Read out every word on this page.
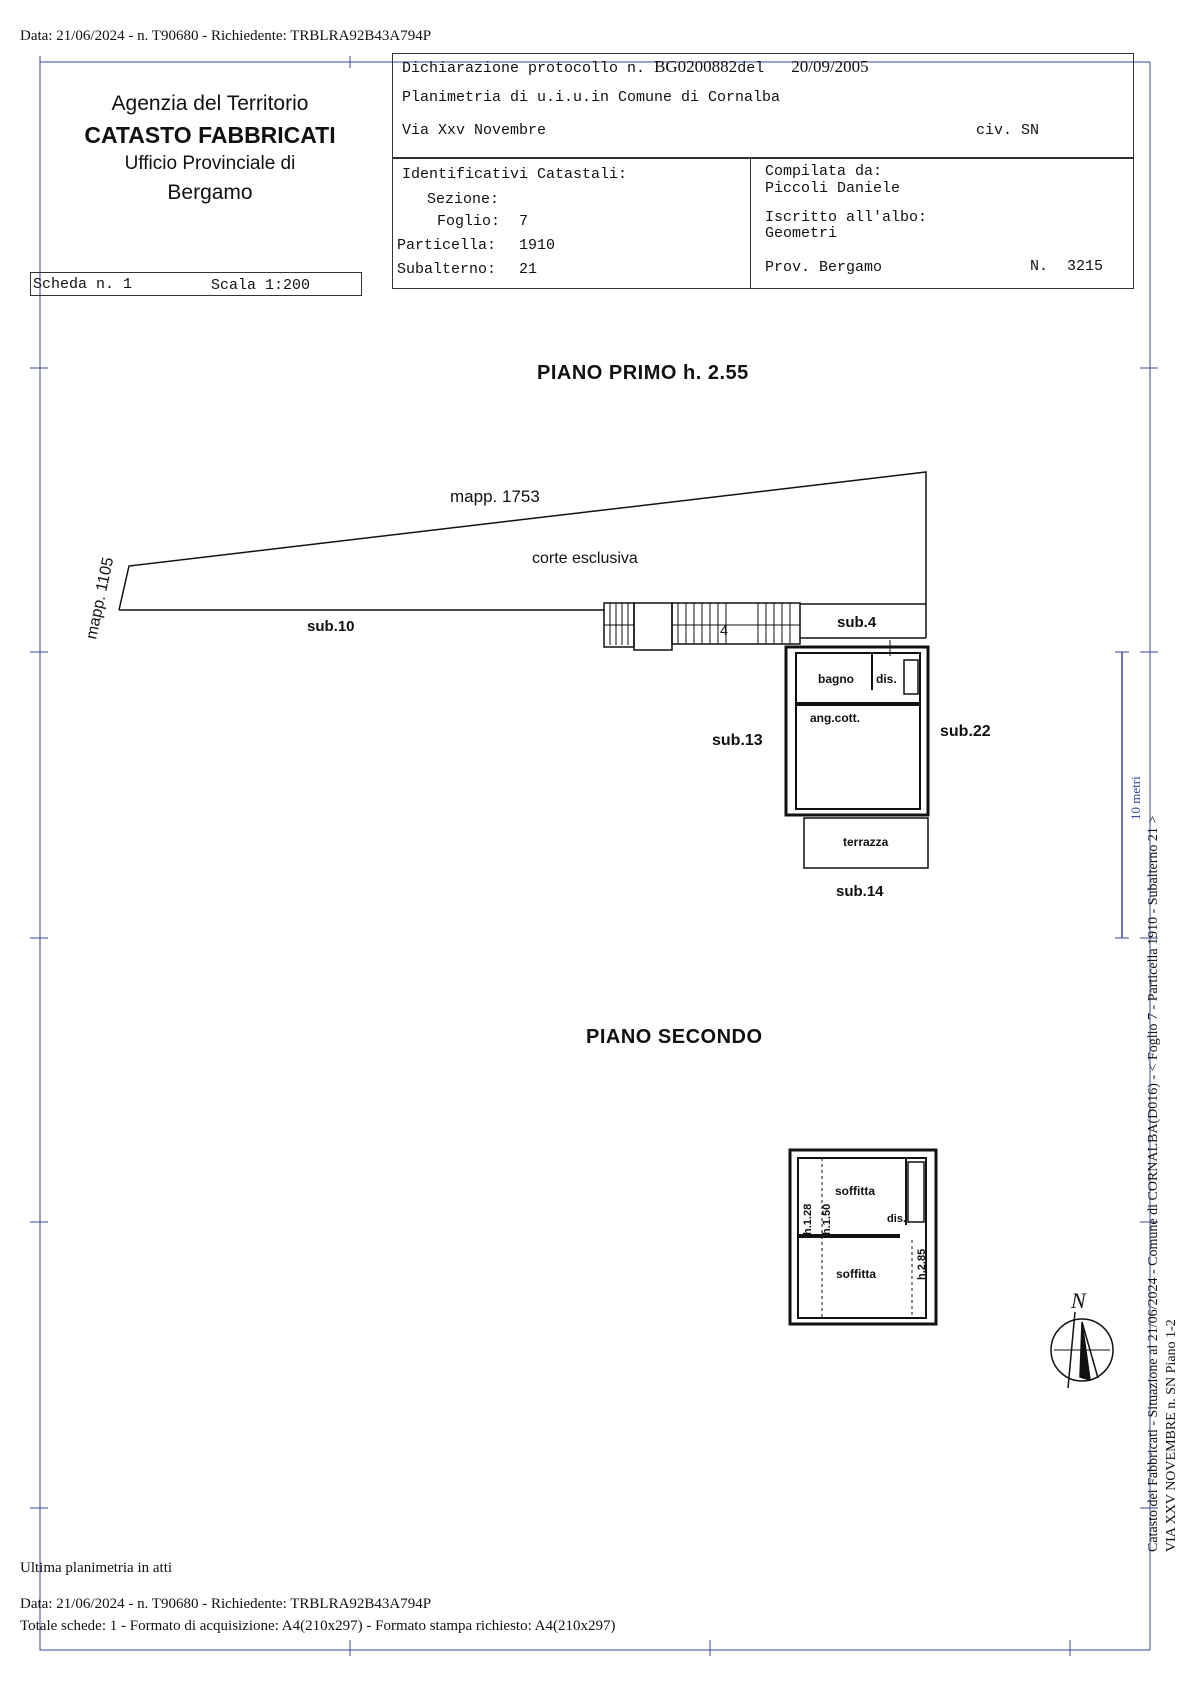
Data: 21/06/2024 - n. T90680 - Richiedente: TRBLRA92B43A794P
Agenzia del Territorio
CATASTO FABBRICATI
Ufficio Provinciale di
Bergamo
Dichiarazione protocollo n. BG0200882del 20/09/2005
Planimetria di u.i.u.in Comune di Cornalba
Via Xxv Novembre	civ. SN
Identificativi Catastali:
Sezione:
Foglio: 7
Particella: 1910
Subalterno: 21
Compilata da:
Piccoli Daniele
Iscritto all'albo:
Geometri
Prov. Bergamo	N. 3215
Scheda n. 1	Scala 1:200
4
mapp. 1753
mapp. 1105	corte esclusiva
sub.10	sub.4
sub.13
sub.22
sub.14
bagno dis.
ang.cott.
terrazza
soffitta
soffitta
dis.
h.1.28 h.1.50
h.2.85
N
PIANO PRIMO h. 2.55
PIANO SECONDO
10 metri
Catasto dei Fabbricati - Situazione al 21/06/2024 - Comune di CORNALBA(D016) - < Foglio 7 - Particella 1910 - Subalterno 21 > VIA XXV NOVEMBRE n. SN Piano 1-2
Ultima planimetria in atti
Data: 21/06/2024 - n. T90680 - Richiedente: TRBLRA92B43A794P
Totale schede: 1 - Formato di acquisizione: A4(210x297) - Formato stampa richiesto: A4(210x297)
